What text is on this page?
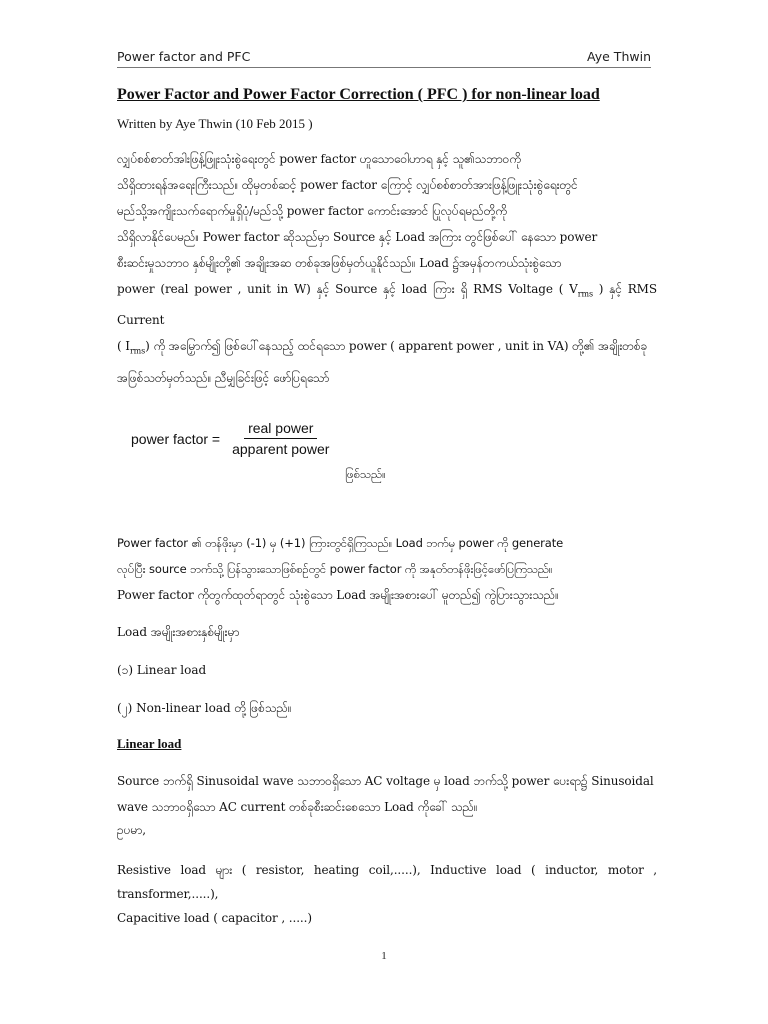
Power factor and PFC	Aye Thwin
Power Factor and Power Factor Correction ( PFC ) for non-linear load
Written by Aye Thwin (10 Feb 2015 )

လျှပ်စစ်စာတ်အါးဖြန့်ဖြူးသုံးစွဲရေးတွင် power factor ဟူသောဝေါဟာရ နှင့် သူ၏သဘာဝကို

သိရှိထားရန်အရေးကြီးသည်။ ထိုမှတစ်ဆင့် power factor ကြောင့် လျှပ်စစ်စာတ်အားဖြန့်ဖြူးသုံးစွဲရေးတွင်

မည်သို့အကျိုးသက်ရောက်မှုရှိပုံ/မည်သို့ power factor ကောင်းအောင် ပြုလုပ်ရမည်တို့ကို

သိရှိလာနိုင်ပေမည်။ Power factor ဆိုသည်မှာ Source နှင့် Load အကြား တွင်ဖြစ်ပေါ် နေသော power

စီးဆင်းမှုသဘာဝ နှစ်မျိုးတို့၏ အချိုးအဆ တစ်ခုအဖြစ်မှတ်ယူနိုင်သည်။ Load ၌အမှန်တကယ်သုံးစွဲသော

power (real power , unit in W) နှင့် Source နှင့် load ကြား ရှိ RMS Voltage ( $V_{rms}$ ) နှင့် RMS Current

( $I_{rms}$) ကို အမြှောက်၍ ဖြစ်ပေါ်နေသည့် ထင်ရသော power ( apparent power , unit in VA) တို့၏ အချိုးတစ်ခု

အဖြစ်သတ်မှတ်သည်။ ညီမျှခြင်းဖြင့် ဖော်ပြရသော်

power factor = $\frac{\text{real power}}{\text{apparent power}}$
ဖြစ်သည်။

Power factor ၏ တန်ဖိုးမှာ (-1) မှ (+1) ကြားတွင်ရှိကြသည်။ Load ဘက်မှ power ကို generate

လုပ်ပြီး source ဘက်သို့ ပြန်သွားသောဖြစ်စဉ်တွင် power factor ကို အနုတ်တန်ဖိုးဖြင့်ဖော်ပြကြသည်။

Power factor ကိုတွက်ထုတ်ရာတွင် သုံးစွဲသော Load အမျိုးအစားပေါ် မူတည်၍ ကွဲပြားသွားသည်။

Load အမျိုးအစားနှစ်မျိုးမှာ

(၁) Linear load

(၂) Non-linear load တို့ဖြစ်သည်။

Linear load

Source ဘက်ရှိ Sinusoidal wave သဘာဝရှိသော AC voltage မှ load ဘက်သို့ power ပေးရာ၌ Sinusoidal

wave သဘာဝရှိသော AC current တစ်ခုစီးဆင်းစေသော Load ကိုခေါ် သည်။

ဥပမာ,

Resistive load များ ( resistor, heating coil,.....), Inductive load ( inductor, motor , transformer,.....),

Capacitive load ( capacitor , .....)

1
